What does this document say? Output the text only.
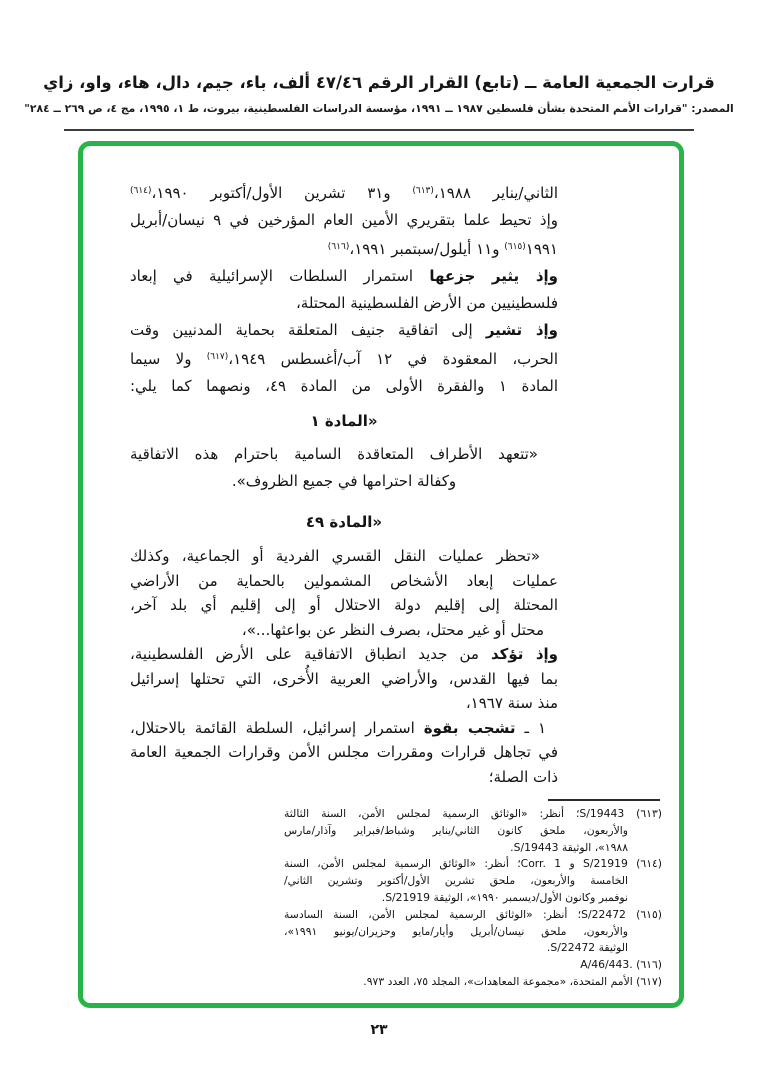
قرارت الجمعية العامة ــ (تابع) القرار الرقم ٤٧/٤٦ ألف، باء، جيم، دال، هاء، واو، زاي
المصدر: "قرارات الأمم المتحدة بشأن فلسطين ١٩٨٧ ــ ١٩٩١، مؤسسة الدراسات الفلسطينية، بيروت، ط ١، ١٩٩٥، مج ٤، ص ٢٦٩ ــ ٢٨٤"
الثاني/يناير ١٩٨٨،$^{(٦١٣)}$ و٣١ تشرين الأول/أكتوبر ١٩٩٠،$^{(٦١٤)}$
وإذ تحيط علما بتقريري الأمين العام المؤرخين في ٩ نيسان/أبريل
١٩٩١$^{(٦١٥)}$ و١١ أيلول/سبتمبر ١٩٩١،$^{(٦١٦)}$
وإذ يثير جزعها استمرار السلطات الإسرائيلية في إبعاد
فلسطينيين من الأرض الفلسطينية المحتلة،
وإذ تشير إلى اتفاقية جنيف المتعلقة بحماية المدنيين وقت
الحرب، المعقودة في ١٢ آب/أغسطس ١٩٤٩،$^{(٦١٧)}$ ولا سيما
المادة ١ والفقرة الأولى من المادة ٤٩، ونصهما كما يلي:
«المادة ١
«تتعهد الأطراف المتعاقدة السامية باحترام هذه الاتفاقية
وكفالة احترامها في جميع الظروف».
«المادة ٤٩
«تحظر عمليات النقل القسري الفردية أو الجماعية، وكذلك
عمليات إبعاد الأشخاص المشمولين بالحماية من الأراضي
المحتلة إلى إقليم دولة الاحتلال أو إلى إقليم أي بلد آخر،
محتل أو غير محتل، بصرف النظر عن بواعثها...»،
وإذ تؤكد من جديد انطباق الاتفاقية على الأرض الفلسطينية،
بما فيها القدس، والأراضي العربية الأُخرى، التي تحتلها إسرائيل
منذ سنة ١٩٦٧،
١ ـ تشجب بقوة استمرار إسرائيل، السلطة القائمة بالاحتلال،
في تجاهل قرارات ومقررات مجلس الأمن وقرارات الجمعية العامة
ذات الصلة؛
(٦١٣) S/19443؛ أنظر: «الوثائق الرسمية لمجلس الأمن، السنة الثالثة
والأربعون، ملحق كانون الثاني/يناير وشباط/فبراير وآذار/مارس
١٩٨٨»، الوثيقة S/19443.
(٦١٤) S/21919 و Corr. 1؛ أنظر: «الوثائق الرسمية لمجلس الأمن، السنة
الخامسة والأربعون، ملحق تشرين الأول/أكتوبر وتشرين الثاني/
نوفمبر وكانون الأول/ديسمبر ١٩٩٠»، الوثيقة S/21919.
(٦١٥) S/22472؛ أنظر: «الوثائق الرسمية لمجلس الأمن، السنة السادسة
والأربعون، ملحق نيسان/أبريل وأيار/مايو وحزيران/يونيو ١٩٩١»،
الوثيقة S/22472.
(٦١٦) A/46/443.
(٦١٧) الأمم المتحدة، «مجموعة المعاهدات»، المجلد ٧٥، العدد ٩٧٣.
٢٣
